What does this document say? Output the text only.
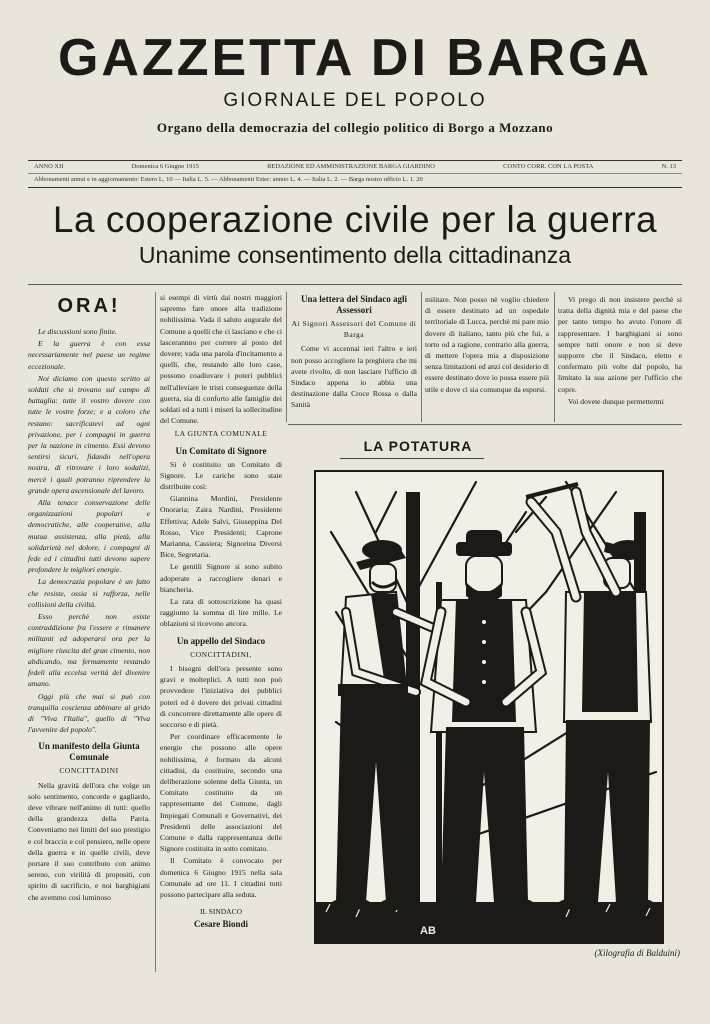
GAZZETTA DI BARGA
GIORNALE DEL POPOLO
Organo della democrazia del collegio politico di Borgo a Mozzano
ANNO XII	Domenica 6 Giugno 1915	REDAZIONE ED AMMINISTRAZIONE BARGA GIARDINO	CONTO CORR. CON LA POSTA	N. 13
Abbonamenti annui e in aggiornamento: Estero L. 10 — Italia L. 5. — Abbonamenti Ester: annuo L. 4. — Italia L. 2. — Barga nostro ufficio L. 1. 20
La cooperazione civile per la guerra
Unanime consentimento della cittadinanza
ORA!

Le discussioni sono finite.

E la guerra è con essa necessariamente nel paese un regime eccezionale.

Noi diciamo con questo scritto ai soldati che si trovano sul campo di battaglia: tutte il vostro dovere con tutte le vostre forze; e a coloro che restano: sacrificatevi ad ogni privazione, per i compagni in guerra per la nazione in cimento. Essi devono sentirsi sicuri, fidando nell'opera nostra, di ritrovare i loro sodalizi, mercè i quali potranno riprendere la grande opera ascensionale del lavoro.

Alla tenace conservazione delle organizzazioni popolari e democratiche, alle cooperative, alla mutua assistenza, alla pietà, alla solidarietà nel dolore, i compagni di fede ed i cittadini tutti devono sapere profondere le migliori energie.

La democrazia popolare è un fatto che resiste, ossia si rafforza, nelle collisioni della civiltà.

Esso perchè non esiste contraddizione fra l'essere e rimanere militanti ed adoperarsi ora per la migliore riuscita del gran cimento, non abdicando, ma fermamente restando fedeli alla eccelsa verità del divenire umano.

Oggi più che mai si può con tranquilla coscienza abbinare al grido di "Viva l'Italia", quello di "Viva l'avvenire del popolo".

Un manifesto della Giunta Comunale
CONCITTADINI

Nella gravità dell'ora che volge un solo sentimento, concorde e gagliardo, deve vibrare nell'animo di tutti: quello della grandezza della Patria. Conveniamo nei limiti del suo prestigio e col braccio e col pensiero, nelle opere della guerra e in quelle civili, deve portare il suo contributo con animo sereno, con virilità di propositi, con spirito di sacrificio, e noi barghigiani che avemmo così luminoso

si esempi di virtù dai nostri maggiori sapremo fare onore alla tradizione nobilissima. Vada il saluto augurale del Comune a quelli che ci lasciano e che ci lascerannno per correre al posto del dovere; vada una parola d'incitamento a quelli, che, restando alle loro case, possono coadiuvare i poteri pubblici nell'alleviare le tristi conseguenze della guerra, sia di conforto alle famiglie dei soldati ed a tutti i miseri la sollecitudine del Comune.

LA GIUNTA COMUNALE
Un Comitato di Signore

Si è costituito un Comitato di Signore. Le cariche sono state distribuite così:

Giannina Mordini, Presidente Onoraria; Zaira Nardini, Presidente Effettiva; Adele Salvi, Giuseppina Del Rosso, Vice Presidenti; Caprone Marianna, Cassiera; Signorina Diversi Bice, Segretaria.

Le gentili Signore si sono subito adoperate a raccogliere denari e biancheria.

La rata di sottoscrizione ha quasi raggiunto la somma di lire mille. Le oblazioni si ricevono ancora.

Un appello del Sindaco
CONCITTADINI,

I bisogni dell'ora presente sono gravi e molteplici. A tutti non può provvedere l'iniziativa dei pubblici poteri ed è dovere dei privati cittadini di concorrere direttamente alle opere di soccorso e di pietà.

Per coordinare efficacemente le energie che possono alle opere nobilissima, è formato da alcuni cittadini, da costituire, secondo una deliberazione solenne della Giunta, un Comitato costituito da un rappresentante del Comune, dagli Impiegati Comunali e Governativi, dei Presidenti delle associazioni del Comune e dalla rappresentanza delle Signore costituita in sotto comitato.

Il Comitato è convocato per domenica 6 Giugno 1915 nella sala Comunale ad ore 11. I cittadini tutti possono partecipare alla seduta.

IL SINDACO
Cesare Biondi
Una lettera del Sindaco agli Assessori
Ai Signori Assessori del Comune di Barga

Come vi accennai ieri l'altro e ieri non posso accogliere la preghiera che mi avete rivolto, di non lasciare l'ufficio di Sindaco appena io abbia una destinazione dalla Croce Rossa o dalla Sanità

militare. Non posso nè voglio chiedere di essere destinato ad un ospedale territoriale di Lucca, perchè mi pare mio dovere di italiano, tanto più che fui, a torto od a ragione, contrario alla guerra, di mettere l'opera mia a disposizione senza limitazioni ed anzi col desiderio di essere destinato dove io possa essere più utile e dove ci sia comunque da esporsi.

Vi prego di non insistere perchè si tratta della dignità mia e del paese che per tanto tempo ho avuto l'onore di rappresentare. I barghigiani si sono sempre tutti onore e non si deve supporre che il Sindaco, eletto e confermato più volte dal popolo, ha limitato la sua azione per l'ufficio che copre.

Voi dovete dunque permettermi

LA POTATURA
AB
(Xilografia di Balduini)
